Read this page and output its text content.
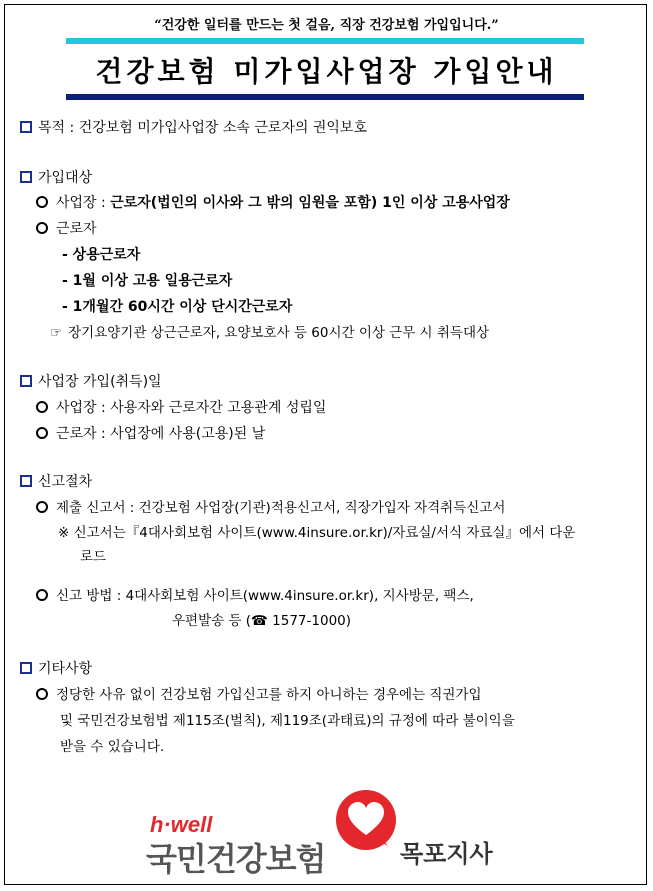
“건강한 일터를 만드는 첫 걸음, 직장 건강보험 가입입니다.”
건강보험 미가입사업장 가입안내
목적 : 건강보험 미가입사업장 소속 근로자의 권익보호
가입대상
사업장 : 근로자(법인의 이사와 그 밖의 임원을 포함) 1인 이상 고용사업장
근로자
- 상용근로자
- 1월 이상 고용 일용근로자
- 1개월간 60시간 이상 단시간근로자
☞ 장기요양기관 상근근로자, 요양보호사 등 60시간 이상 근무 시 취득대상
사업장 가입(취득)일
사업장 : 사용자와 근로자간 고용관계 성립일
근로자 : 사업장에 사용(고용)된 날
신고절차
제출 신고서 : 건강보험 사업장(기관)적용신고서, 직장가입자 자격취득신고서
※ 신고서는『4대사회보험 사이트(www.4insure.or.kr)/자료실/서식 자료실』에서 다운
로드
신고 방법 : 4대사회보험 사이트(www.4insure.or.kr), 지사방문, 팩스,
우편발송 등 (☎ 1577-1000)
기타사항
정당한 사유 없이 건강보험 가입신고를 하지 아니하는 경우에는 직권가입
및 국민건강보험법 제115조(벌칙), 제119조(과태료)의 규정에 따라 불이익을
받을 수 있습니다.
h·well
국민건강보험	목포지사
